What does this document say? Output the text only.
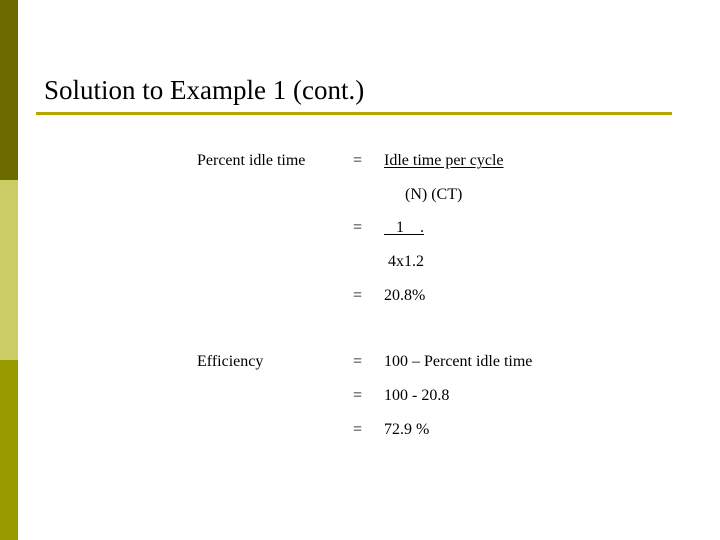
Solution to Example 1 (cont.)
Percent idle time	= Idle time per cycle
(N) (CT)
= 1    .
4x1.2
= 20.8%
Efficiency	= 100 – Percent idle time
= 100 - 20.8
= 72.9 %
